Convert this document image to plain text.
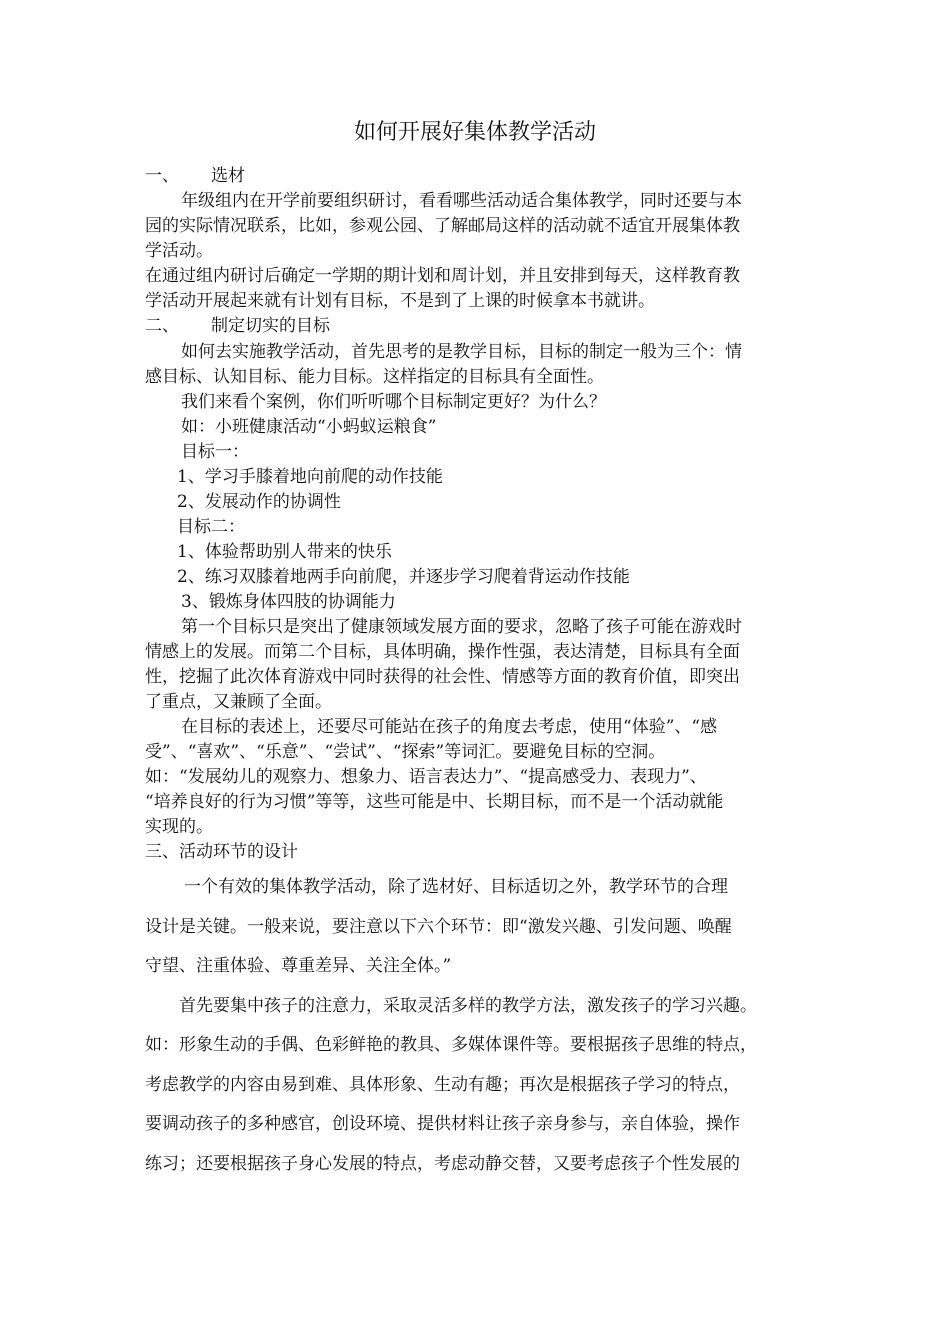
如何开展好集体教学活动
一、 选材
年级组内在开学前要组织研讨，看看哪些活动适合集体教学，同时还要与本
园的实际情况联系，比如，参观公园、了解邮局这样的活动就不适宜开展集体教
学活动。
在通过组内研讨后确定一学期的期计划和周计划，并且安排到每天，这样教育教
学活动开展起来就有计划有目标，不是到了上课的时候拿本书就讲。
二、 制定切实的目标
如何去实施教学活动，首先思考的是教学目标，目标的制定一般为三个：情
感目标、认知目标、能力目标。这样指定的目标具有全面性。
我们来看个案例，你们听听哪个目标制定更好？为什么？
如：小班健康活动“小蚂蚁运粮食”
目标一：
1、学习手膝着地向前爬的动作技能
2、发展动作的协调性
目标二：
1、体验帮助别人带来的快乐
2、练习双膝着地两手向前爬，并逐步学习爬着背运动作技能
3、锻炼身体四肢的协调能力
第一个目标只是突出了健康领域发展方面的要求，忽略了孩子可能在游戏时
情感上的发展。而第二个目标，具体明确，操作性强，表达清楚，目标具有全面
性，挖掘了此次体育游戏中同时获得的社会性、情感等方面的教育价值，即突出
了重点，又兼顾了全面。
在目标的表述上，还要尽可能站在孩子的角度去考虑，使用“体验”、“感
受”、“喜欢”、“乐意”、“尝试”、“探索”等词汇。要避免目标的空洞。
如：“发展幼儿的观察力、想象力、语言表达力”、“提高感受力、表现力”、
“培养良好的行为习惯”等等，这些可能是中、长期目标，而不是一个活动就能
实现的。
三、活动环节的设计
一个有效的集体教学活动，除了选材好、目标适切之外，教学环节的合理
设计是关键。一般来说，要注意以下六个环节：即“激发兴趣、引发问题、唤醒
守望、注重体验、尊重差异、关注全体。”
首先要集中孩子的注意力，采取灵活多样的教学方法，激发孩子的学习兴趣。
如：形象生动的手偶、色彩鲜艳的教具、多媒体课件等。要根据孩子思维的特点，
考虑教学的内容由易到难、具体形象、生动有趣；再次是根据孩子学习的特点，
要调动孩子的多种感官，创设环境、提供材料让孩子亲身参与，亲自体验，操作
练习；还要根据孩子身心发展的特点，考虑动静交替，又要考虑孩子个性发展的
